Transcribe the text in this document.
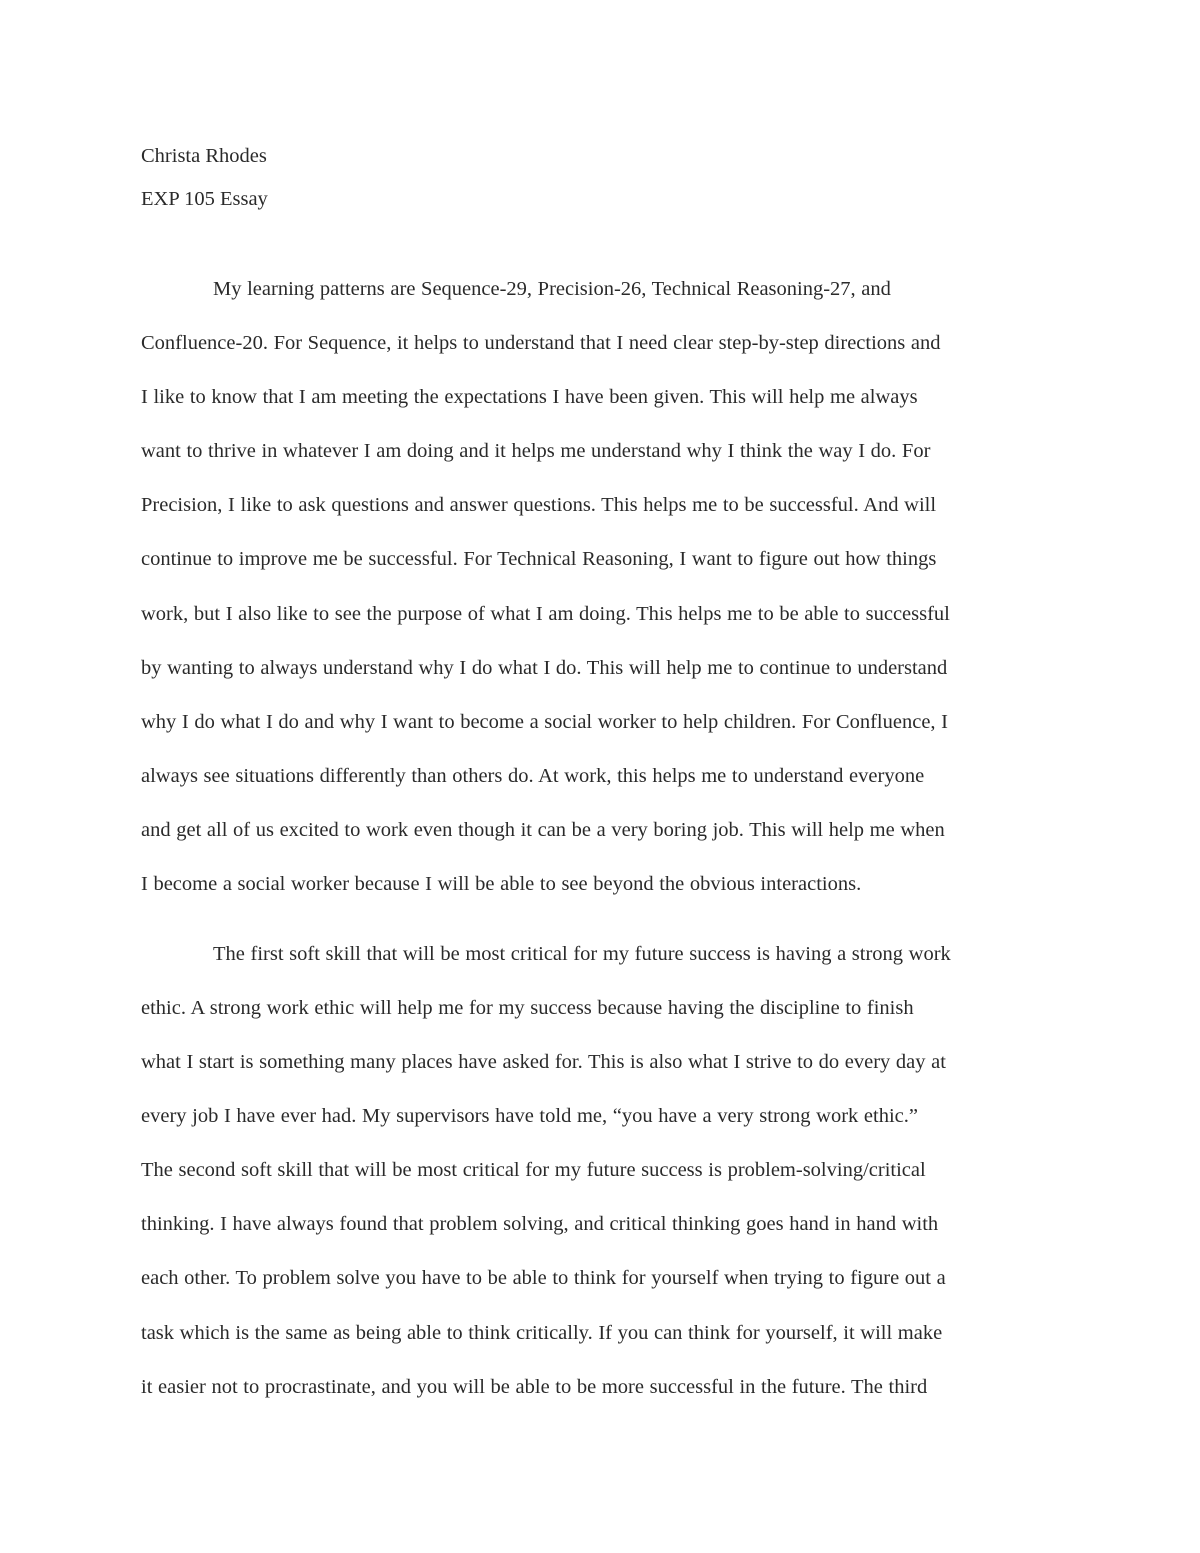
Christa Rhodes
EXP 105 Essay
My learning patterns are Sequence-29, Precision-26, Technical Reasoning-27, and
Confluence-20. For Sequence, it helps to understand that I need clear step-by-step directions and
I like to know that I am meeting the expectations I have been given. This will help me always
want to thrive in whatever I am doing and it helps me understand why I think the way I do. For
Precision, I like to ask questions and answer questions. This helps me to be successful. And will
continue to improve me be successful. For Technical Reasoning, I want to figure out how things
work, but I also like to see the purpose of what I am doing. This helps me to be able to successful
by wanting to always understand why I do what I do. This will help me to continue to understand
why I do what I do and why I want to become a social worker to help children. For Confluence, I
always see situations differently than others do. At work, this helps me to understand everyone
and get all of us excited to work even though it can be a very boring job. This will help me when
I become a social worker because I will be able to see beyond the obvious interactions.
The first soft skill that will be most critical for my future success is having a strong work
ethic. A strong work ethic will help me for my success because having the discipline to finish
what I start is something many places have asked for. This is also what I strive to do every day at
every job I have ever had. My supervisors have told me, “you have a very strong work ethic.”
The second soft skill that will be most critical for my future success is problem-solving/critical
thinking. I have always found that problem solving, and critical thinking goes hand in hand with
each other. To problem solve you have to be able to think for yourself when trying to figure out a
task which is the same as being able to think critically. If you can think for yourself, it will make
it easier not to procrastinate, and you will be able to be more successful in the future. The third
